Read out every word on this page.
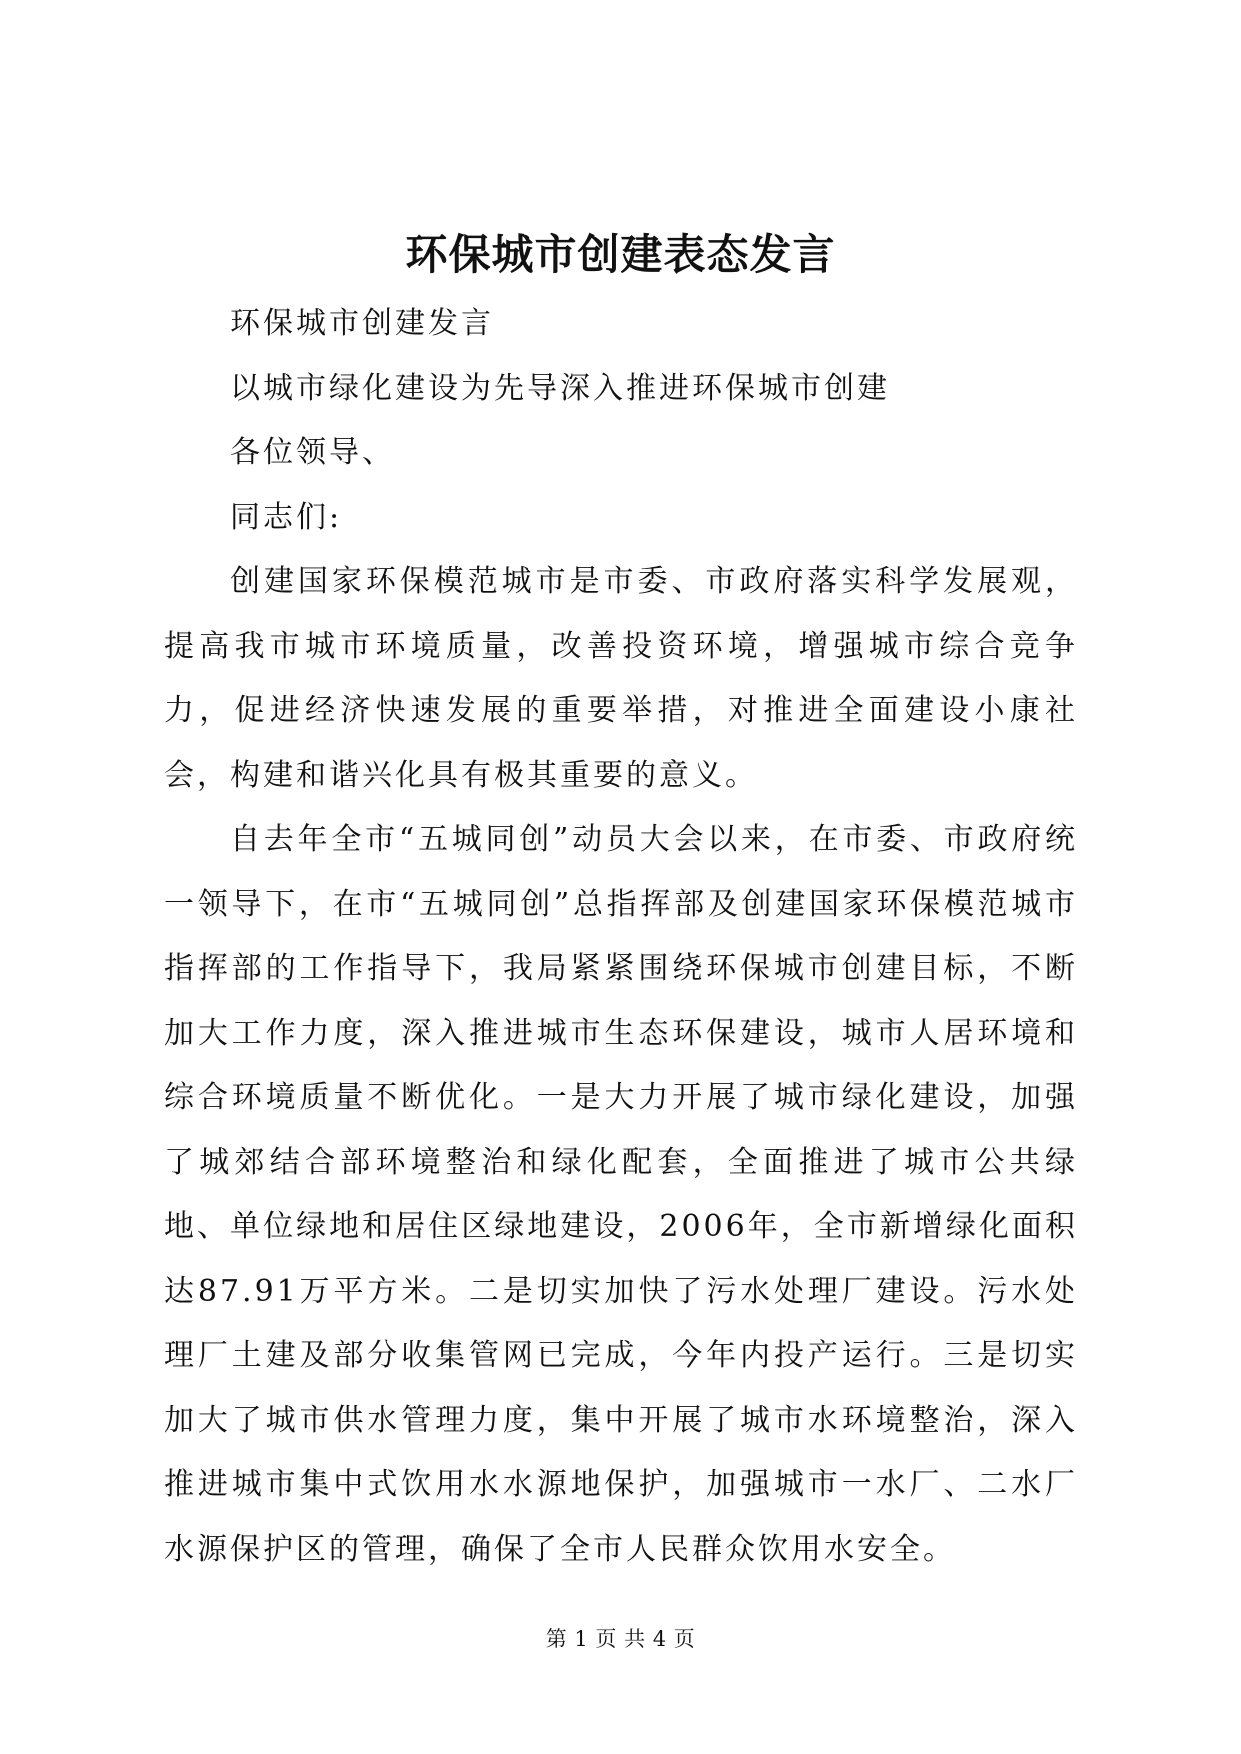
环保城市创建表态发言

环保城市创建发言

以城市绿化建设为先导深入推进环保城市创建

各位领导、

同志们:

创建国家环保模范城市是市委、市政府落实科学发展观，提高我市城市环境质量，改善投资环境，增强城市综合竞争力，促进经济快速发展的重要举措，对推进全面建设小康社会，构建和谐兴化具有极其重要的意义。

自去年全市“五城同创”动员大会以来，在市委、市政府统一领导下，在市“五城同创”总指挥部及创建国家环保模范城市指挥部的工作指导下，我局紧紧围绕环保城市创建目标，不断加大工作力度，深入推进城市生态环保建设，城市人居环境和综合环境质量不断优化。一是大力开展了城市绿化建设，加强了城郊结合部环境整治和绿化配套，全面推进了城市公共绿地、单位绿地和居住区绿地建设，2006年，全市新增绿化面积达87.91万平方米。二是切实加快了污水处理厂建设。污水处理厂土建及部分收集管网已完成，今年内投产运行。三是切实加大了城市供水管理力度，集中开展了城市水环境整治，深入推进城市集中式饮用水水源地保护，加强城市一水厂、二水厂水源保护区的管理，确保了全市人民群众饮用水安全。

第 1 页 共 4 页
